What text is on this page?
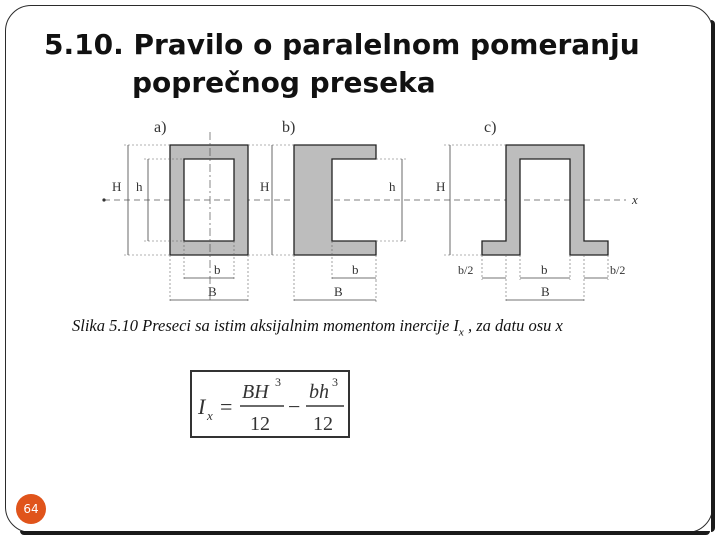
5.10. Pravilo o paralelnom pomeranju
poprečnog preseka
x
a)
H h
b
B
b)
H	h
b
B
c)
H
b/2	b	b/2
B
Slika 5.10 Preseci sa istim aksijalnim momentom inercije $I_x$ , za datu osu x
I x =
BH 3
12
−
bh 3
12
64
